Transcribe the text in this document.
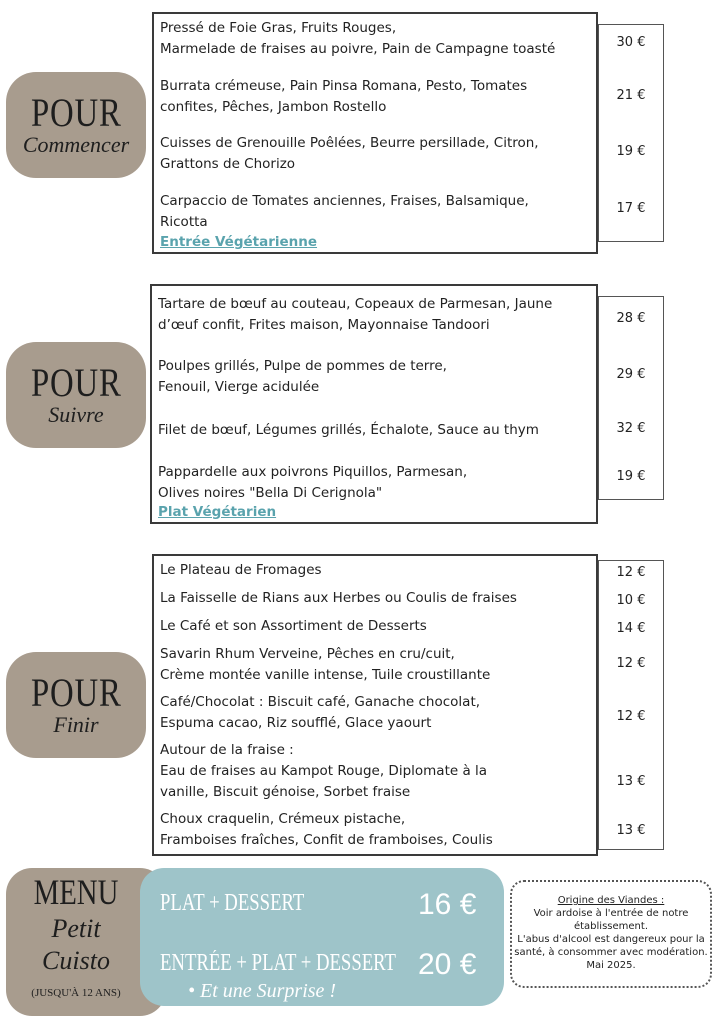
POUR
Commencer
Pressé de Foie Gras, Fruits Rouges,
Marmelade de fraises au poivre, Pain de Campagne toasté
Burrata crémeuse, Pain Pinsa Romana, Pesto, Tomates
confites, Pêches, Jambon Rostello
Cuisses de Grenouille Poêlées, Beurre persillade, Citron,
Grattons de Chorizo
Carpaccio de Tomates anciennes, Fraises, Balsamique,
Ricotta
Entrée Végétarienne
30 €
21 €
19 €
17 €
POUR
Suivre
Tartare de bœuf au couteau, Copeaux de Parmesan, Jaune
d’œuf confit, Frites maison, Mayonnaise Tandoori
Poulpes grillés, Pulpe de pommes de terre,
Fenouil, Vierge acidulée
Filet de bœuf, Légumes grillés, Échalote, Sauce au thym
Pappardelle aux poivrons Piquillos, Parmesan,
Olives noires "Bella Di Cerignola"
Plat Végétarien
28 €
29 €
32 €
19 €
POUR
Finir
Le Plateau de Fromages
La Faisselle de Rians aux Herbes ou Coulis de fraises
Le Café et son Assortiment de Desserts
Savarin Rhum Verveine, Pêches en cru/cuit,
Crème montée vanille intense, Tuile croustillante
Café/Chocolat : Biscuit café, Ganache chocolat,
Espuma cacao, Riz soufflé, Glace yaourt
Autour de la fraise :
Eau de fraises au Kampot Rouge, Diplomate à la
vanille, Biscuit génoise, Sorbet fraise
Choux craquelin, Crémeux pistache,
Framboises fraîches, Confit de framboises, Coulis
12 €
10 €
14 €
12 €
12 €
13 €
13 €
MENU
Petit
Cuisto
(JUSQU'À 12 ANS)
PLAT + DESSERT	16 €
ENTRÉE + PLAT + DESSERT 20 €
• Et une Surprise !
Origine des Viandes :
Voir ardoise à l'entrée de notre
établissement.
L'abus d'alcool est dangereux pour la
santé, à consommer avec modération.
Mai 2025.
